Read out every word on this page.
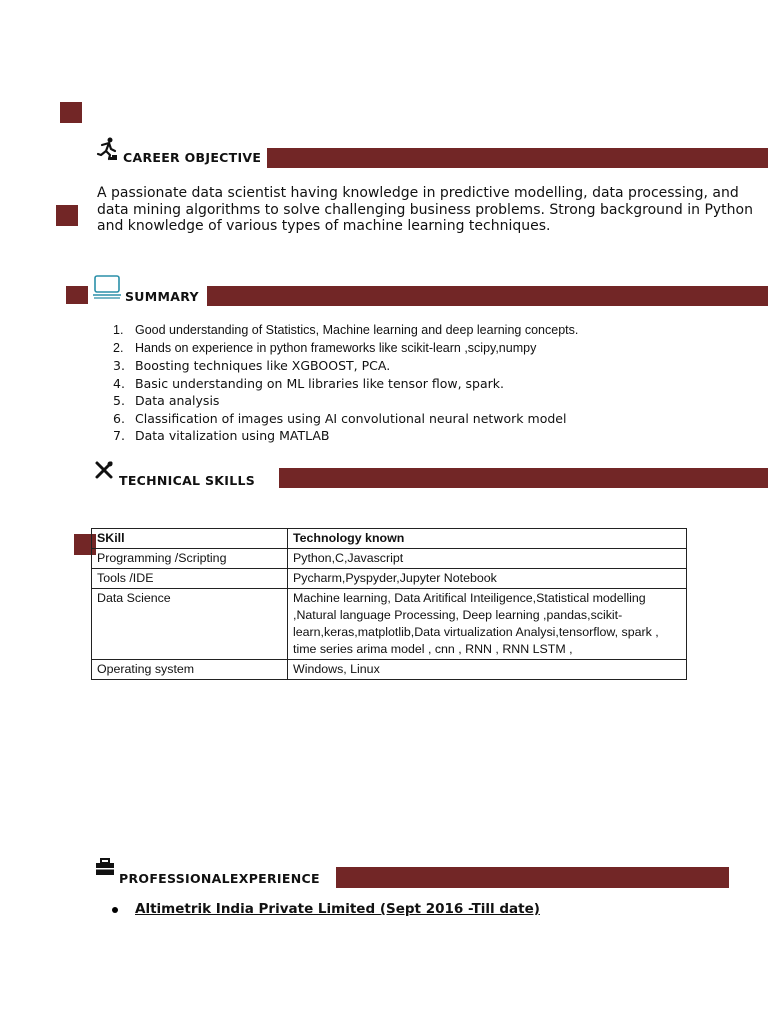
CAREER OBJECTIVE

A passionate data scientist having knowledge in predictive modelling, data processing, and data mining algorithms to solve challenging business problems. Strong background in Python and knowledge of various types of machine learning techniques.

SUMMARY
1. Good understanding of Statistics, Machine learning and deep learning concepts.
2. Hands on experience in python frameworks like scikit-learn ,scipy,numpy
3. Boosting techniques like XGBOOST, PCA.
4. Basic understanding on ML libraries like tensor flow, spark.
5. Data analysis
6. Classification of images using AI convolutional neural network model
7. Data vitalization using MATLAB
TECHNICAL SKILLS
SKill	Technology known
Programming /Scripting	Python,C,Javascript
Tools /IDE	Pycharm,Pyspyder,Jupyter Notebook
Data Science	Machine learning, Data Aritifical Inteiligence,Statistical modelling ,Natural language Processing, Deep learning ,pandas,scikit-learn,keras,matplotlib,Data virtualization Analysi,tensorflow, spark , time series arima model , cnn , RNN , RNN LSTM ,
Operating system	Windows, Linux
PROFESSIONALEXPERIENCE
Altimetrik India Private Limited (Sept 2016 -Till date)
